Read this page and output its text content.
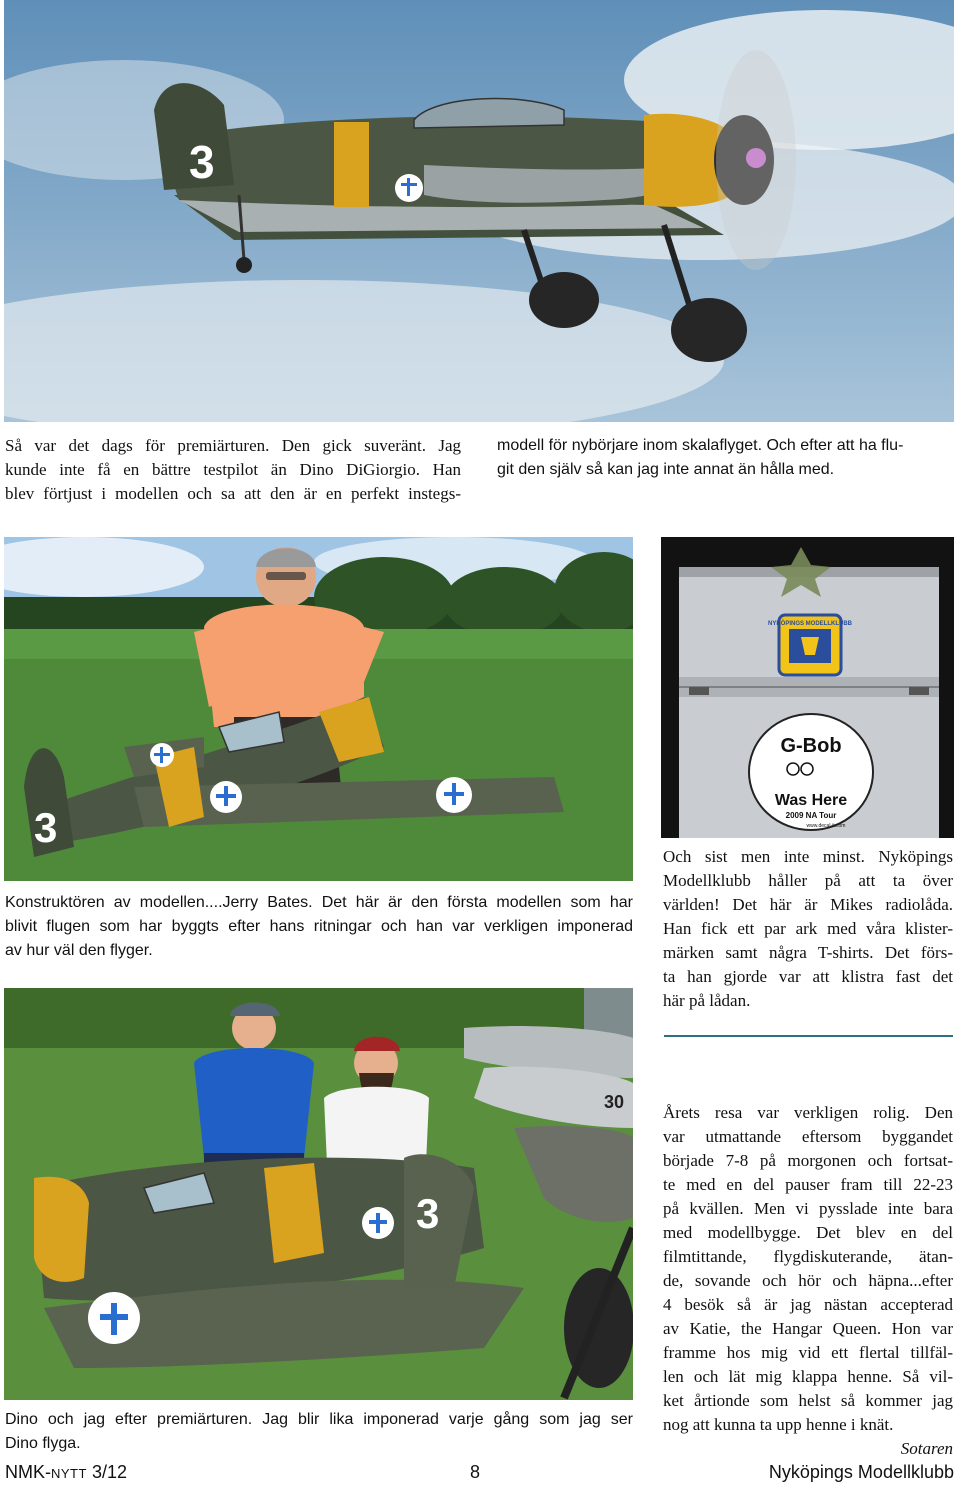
3

Så var det dags för premiärturen. Den gick suveränt. Jag
kunde inte få en bättre testpilot än Dino DiGiorgio. Han
blev förtjust i modellen och sa att den är en perfekt instegs-

modell för nybörjare inom skalaflyget. Och efter att ha flu-
git den själv så kan jag inte annat än hålla med.

3
NYKÖPINGS MODELLKLUBB
G-Bob
Was Here
2009 NA Tour
www.decal-it.com

Konstruktören av modellen....Jerry Bates. Det här är den första modellen som har
blivit flugen som har byggts efter hans ritningar och han var verkligen imponerad
av hur väl den flyger.

Och sist men inte minst. Nyköpings
Modellklubb håller på att ta över
världen! Det här är Mikes radiolåda.
Han fick ett par ark med våra klister-
märken samt några T-shirts. Det förs-
ta han gjorde var att klistra fast det
här på lådan.

30
3

Årets resa var verkligen rolig. Den
var utmattande eftersom byggandet
började 7-8 på morgonen och fortsat-
te med en del pauser fram till 22-23
på kvällen. Men vi pysslade inte bara
med modellbygge. Det blev en del
filmtittande, flygdiskuterande, ätan-
de, sovande och hör och häpna...efter
4 besök så är jag nästan accepterad
av Katie, the Hangar Queen. Hon var
framme hos mig vid ett flertal tillfäl-
len och lät mig klappa henne. Så vil-
ket årtionde som helst så kommer jag
nog att kunna ta upp henne i knät.
Sotaren

Dino och jag efter premiärturen. Jag blir lika imponerad varje gång som jag ser
Dino flyga.

NMK-NYTT 3/12	8	Nyköpings Modellklubb
